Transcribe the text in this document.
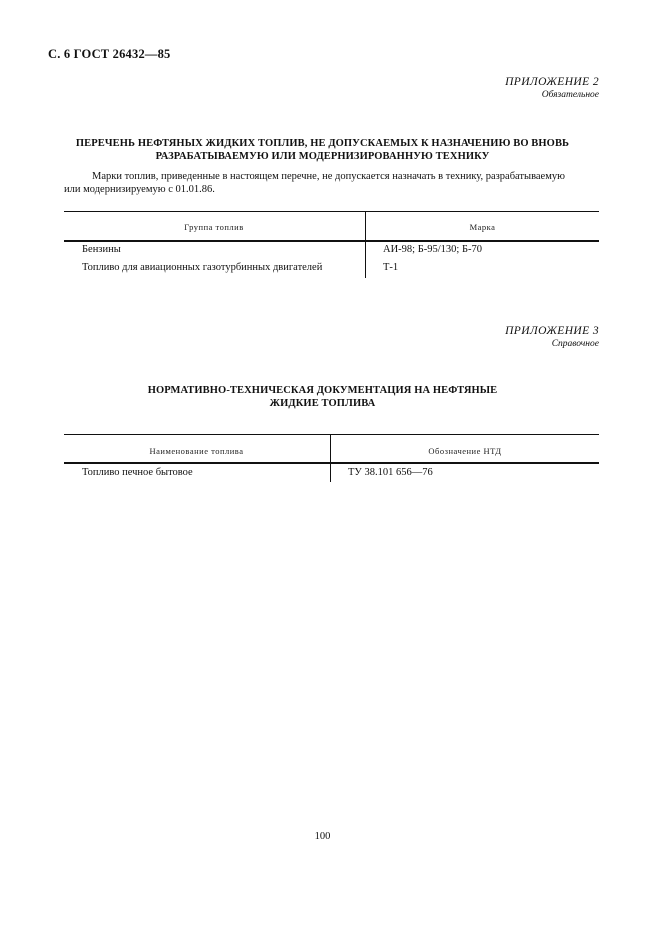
С. 6 ГОСТ 26432—85
ПРИЛОЖЕНИЕ 2
Обязательное
ПЕРЕЧЕНЬ НЕФТЯНЫХ ЖИДКИХ ТОПЛИВ, НЕ ДОПУСКАЕМЫХ К НАЗНАЧЕНИЮ ВО ВНОВЬ
РАЗРАБАТЫВАЕМУЮ ИЛИ МОДЕРНИЗИРОВАННУЮ ТЕХНИКУ
Марки топлив, приведенные в настоящем перечне, не допускается назначать в технику, разрабатываемую
или модернизируемую с 01.01.86.
Группа топлив	Марка
Бензины	АИ-98; Б-95/130; Б-70
Топливо для авиационных газотурбинных двигателей	Т-1
ПРИЛОЖЕНИЕ 3
Справочное
НОРМАТИВНО-ТЕХНИЧЕСКАЯ ДОКУМЕНТАЦИЯ НА НЕФТЯНЫЕ
ЖИДКИЕ ТОПЛИВА
Наименование топлива	Обозначение НТД
Топливо печное бытовое	ТУ 38.101 656—76
100
